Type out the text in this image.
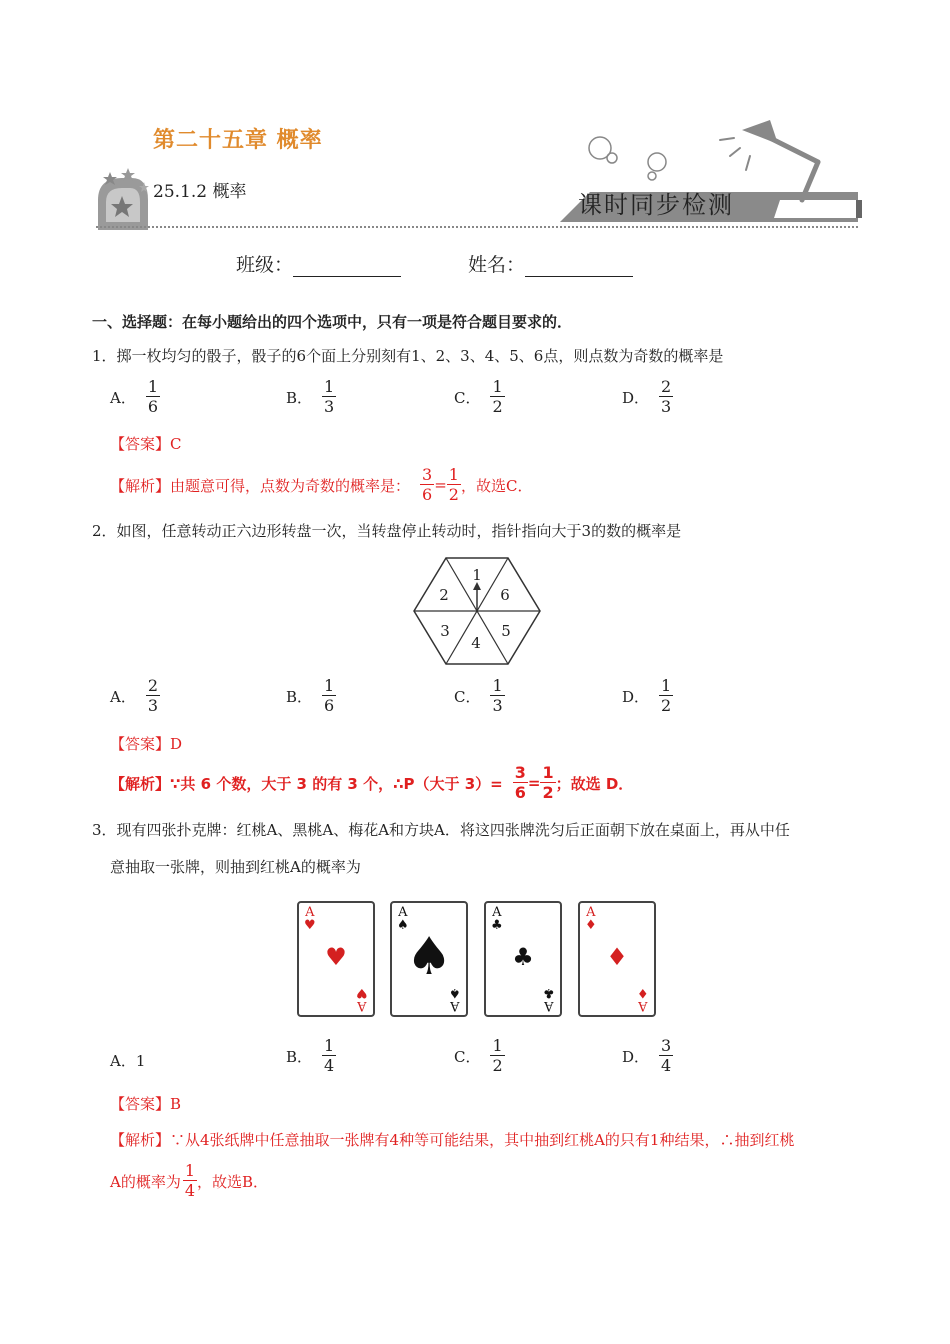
第二十五章 概率
25.1.2 概率	课时同步检测
班级：	姓名：
一、选择题：在每小题给出的四个选项中，只有一项是符合题目要求的．
1．掷一枚均匀的骰子，骰子的6个面上分别刻有1、2、3、4、5、6点，则点数为奇数的概率是
A． $\frac{1}{6}$	B． $\frac{1}{3}$	C． $\frac{1}{2}$	D． $\frac{2}{3}$
【答案】C
【解析】由题意可得，点数为奇数的概率是： $\frac{3}{6} = \frac{1}{2}$ ，故选C．
2．如图，任意转动正六边形转盘一次，当转盘停止转动时，指针指向大于3的数的概率是
1
6
5
4
3
2
A． $\frac{2}{3}$	B． $\frac{1}{6}$	C． $\frac{1}{3}$	D． $\frac{1}{2}$
【答案】D
【解析】∵共 6 个数，大于 3 的有 3 个，∴P（大于 $3)= \frac{3}{6} = \frac{1}{2}$ ；故选 D．
3．现有四张扑克牌：红桃A、黑桃A、梅花A和方块A．将这四张牌洗匀后正面朝下放在桌面上，再从中任
意抽取一张牌，则抽到红桃A的概率为
A
♥
♥
A
♥
A
♠
♠
A
♠
A
♣
♣
A
♣
A
♦
♦
A
♦
A．1	B． $\frac{1}{4}$	C． $\frac{1}{2}$	D． $\frac{3}{4}$
【答案】B
【解析】∵从4张纸牌中任意抽取一张牌有4种等可能结果，其中抽到红桃A的只有1种结果，∴抽到红桃
A的概率为 $\frac{1}{4}$ ，故选B．
